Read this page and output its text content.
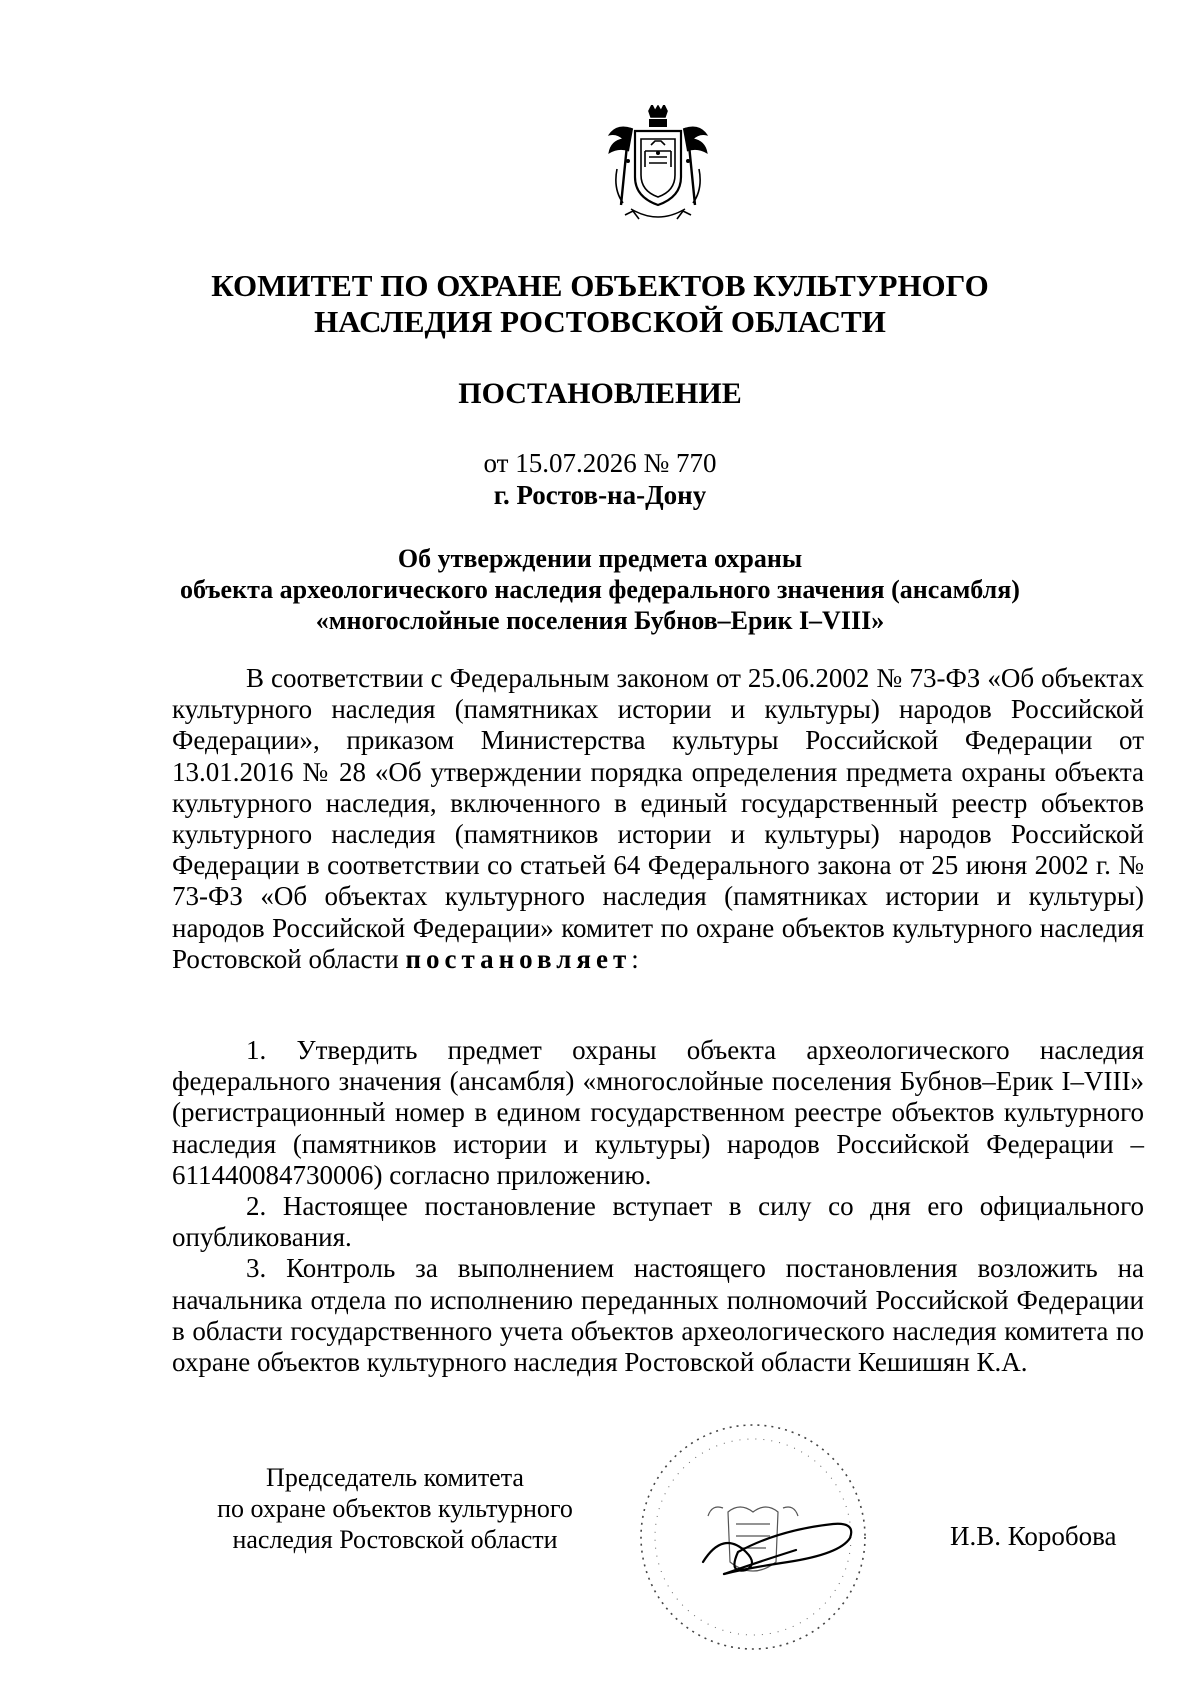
КОМИТЕТ ПО ОХРАНЕ ОБЪЕКТОВ КУЛЬТУРНОГО
НАСЛЕДИЯ РОСТОВСКОЙ ОБЛАСТИ
ПОСТАНОВЛЕНИЕ
от 15.07.2026 № 770
г. Ростов-на-Дону
Об утверждении предмета охраны
объекта археологического наследия федерального значения (ансамбля)
«многослойные поселения Бубнов–Ерик I–VIII»

В соответствии с Федеральным законом от 25.06.2002 № 73-ФЗ «Об объектах культурного наследия (памятниках истории и культуры) народов Российской Федерации», приказом Министерства культуры Российской Федерации от 13.01.2016 № 28 «Об утверждении порядка определения предмета охраны объекта культурного наследия, включенного в единый государственный реестр объектов культурного наследия (памятников истории и культуры) народов Российской Федерации в соответствии со статьей 64 Федерального закона от 25 июня 2002 г. № 73-ФЗ «Об объектах культурного наследия (памятниках истории и культуры) народов Российской Федерации» комитет по охране объектов культурного наследия Ростовской области постановляет:

1. Утвердить предмет охраны объекта археологического наследия федерального значения (ансамбля) «многослойные поселения Бубнов–Ерик I–VIII» (регистрационный номер в едином государственном реестре объектов культурного наследия (памятников истории и культуры) народов Российской Федерации – 611440084730006) согласно приложению.

2. Настоящее постановление вступает в силу со дня его официального опубликования.

3. Контроль за выполнением настоящего постановления возложить на начальника отдела по исполнению переданных полномочий Российской Федерации в области государственного учета объектов археологического наследия комитета по охране объектов культурного наследия Ростовской области Кешишян К.А.

Председатель комитета
по охране объектов культурного
наследия Ростовской области	И.В. Коробова
